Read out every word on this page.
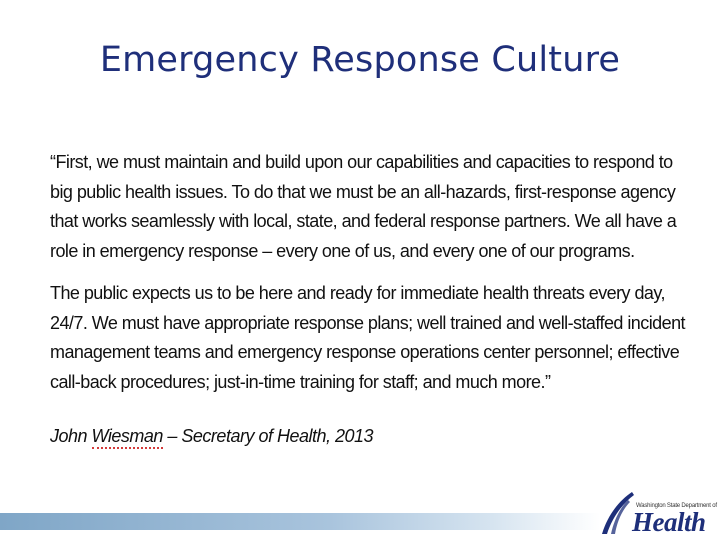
Emergency Response Culture

“First, we must maintain and build upon our capabilities and capacities to respond to big public health issues. To do that we must be an all-hazards, first-response agency that works seamlessly with local, state, and federal response partners. We all have a role in emergency response – every one of us, and every one of our programs.

The public expects us to be here and ready for immediate health threats every day, 24/7. We must have appropriate response plans; well trained and well-staffed incident management teams and emergency response operations center personnel; effective call-back procedures; just-in-time training for staff; and much more.”

John Wiesman – Secretary of Health, 2013

Washington State Department of
Health
